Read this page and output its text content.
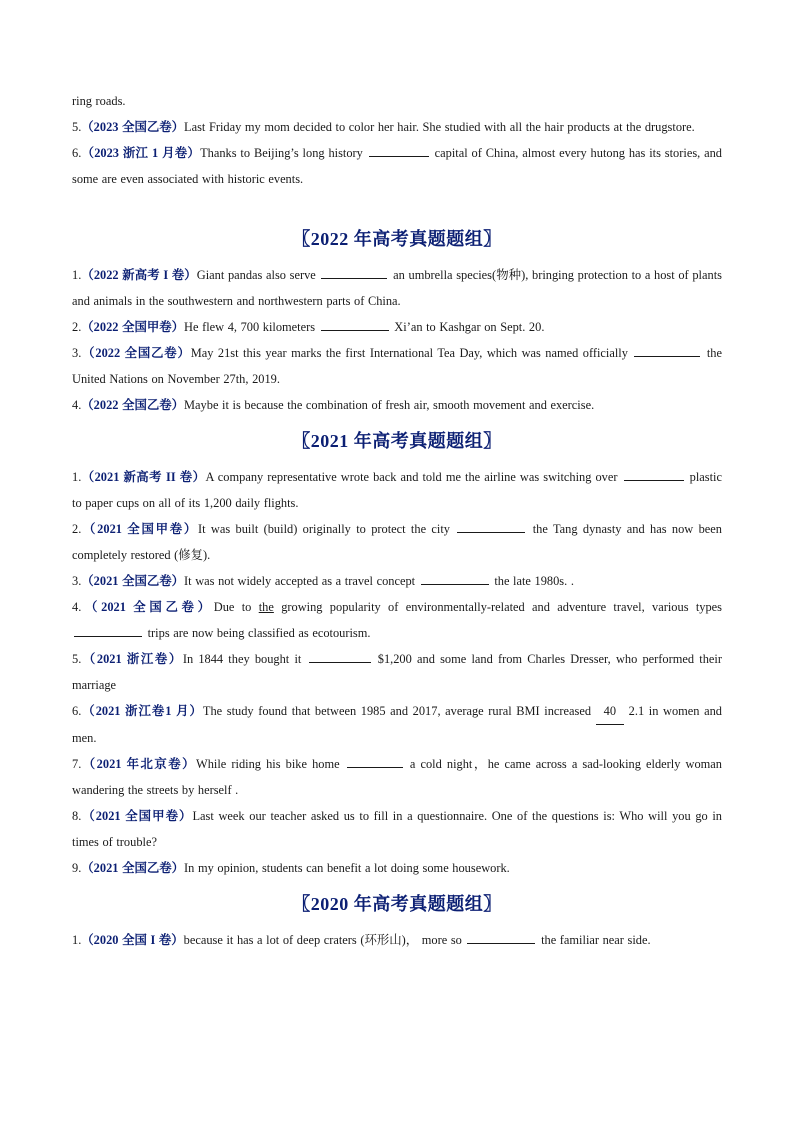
ring roads.
5.（2023 全国乙卷）Last Friday my mom decided to color her hair. She studied with all the hair products at the drugstore.
6.（2023 浙江 1 月卷）Thanks to Beijing’s long history	capital of China, almost every hutong has its stories, and some are even associated with historic events.
〖2022 年高考真题题组〗
1.（2022 新高考 I 卷）Giant pandas also serve	an umbrella species(物种), bringing protection to a host of plants and animals in the southwestern and northwestern parts of China.
2.（2022 全国甲卷）He flew 4, 700 kilometers	Xi’an to Kashgar on Sept. 20.
3.（2022 全国乙卷）May 21st this year marks the first International Tea Day, which was named officially	the United Nations on November 27th, 2019.
4.（2022 全国乙卷）Maybe it is because the combination of fresh air, smooth movement and exercise.
〖2021 年高考真题题组〗
1.（2021 新高考 II 卷）A company representative wrote back and told me the airline was switching over	plastic to paper cups on all of its 1,200 daily flights.
2.（2021 全国甲卷）It was built (build) originally to protect the city	the Tang dynasty and has now been completely restored (修复).
3.（2021 全国乙卷）It was not widely accepted as a travel concept	the late 1980s. .
4.（2021 全国乙卷）Due to the growing popularity of environmentally-related and adventure travel, various types  trips are now being classified as ecotourism.
5.（2021 浙江卷）In 1844 they bought it	$1,200 and some land from Charles Dresser, who performed their marriage
6.（2021 浙江卷1 月）The study found that between 1985 and 2017, average rural BMI increased 40 2.1 in women and men.
7.（2021 年北京卷）While riding his bike home	a cold night，he came across a sad-looking elderly woman wandering the streets by herself .
8.（2021 全国甲卷）Last week our teacher asked us to fill in a questionnaire. One of the questions is: Who will you go in times of trouble?
9.（2021 全国乙卷）In my opinion, students can benefit a lot doing some housework.
〖2020 年高考真题题组〗
1.（2020 全国 I 卷）because it has a lot of deep craters (环形山)， more so	the familiar near side.
